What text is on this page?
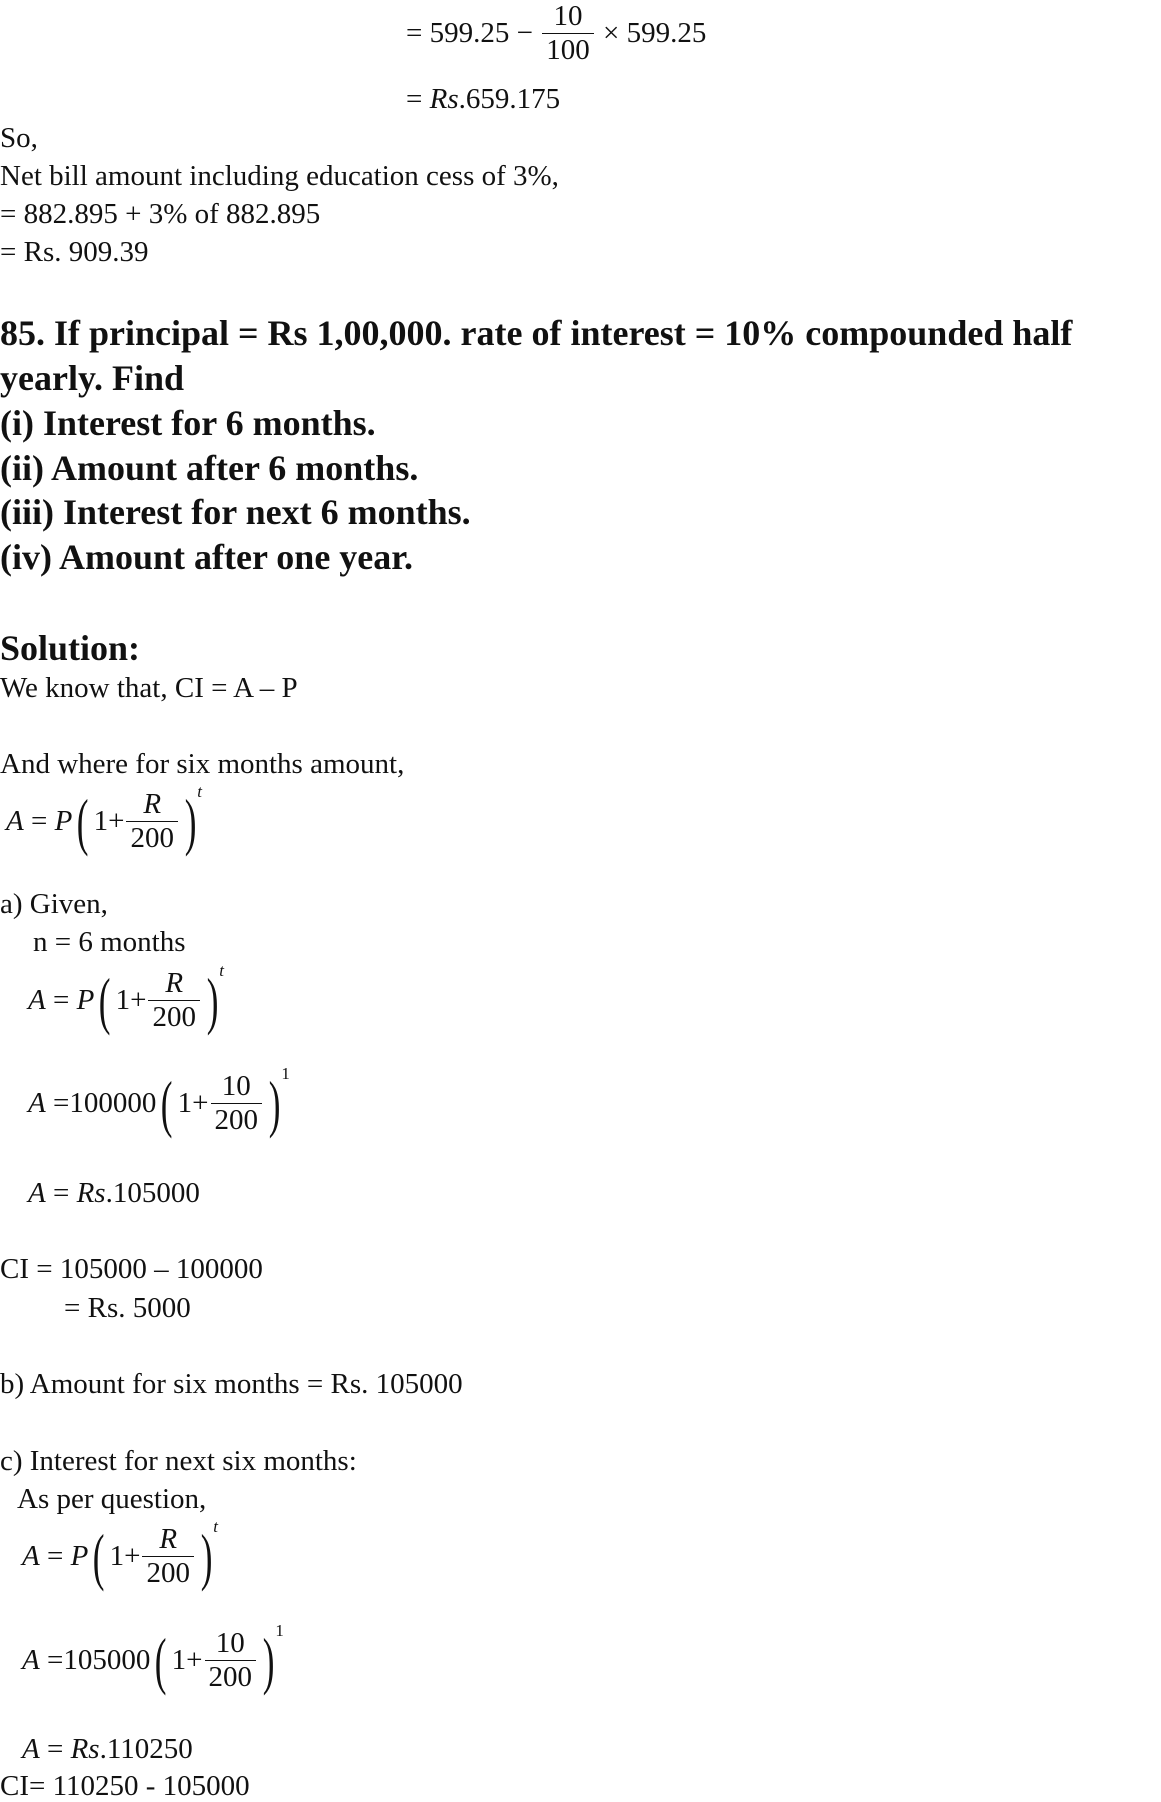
= $599.25 - \frac{10}{100} \times 599.25$
= Rs.659.175
So,
Net bill amount including education cess of 3%,
= 882.895 + 3% of 882.895
= Rs. 909.39
85. If principal = Rs 1,00,000. rate of interest = 10% compounded half
yearly. Find
(i) Interest for 6 months.
(ii) Amount after 6 months.
(iii) Interest for next 6 months.
(iv) Amount after one year.
Solution:
We know that, CI = A – P
And where for six months amount,
A = P( $1+ \frac{R}{200} )^t$
a) Given,
n = 6 months
A = P( $1+ \frac{R}{200} )^t$
A =100000( $1+ \frac{10}{200} )^1$
A = Rs.105000
CI = 105000 – 100000
= Rs. 5000
b) Amount for six months = Rs. 105000
c) Interest for next six months:
As per question,
A = P( $1+ \frac{R}{200} )^t$
A =105000( $1+ \frac{10}{200} )^1$
A = Rs.110250
CI= 110250 - 105000
